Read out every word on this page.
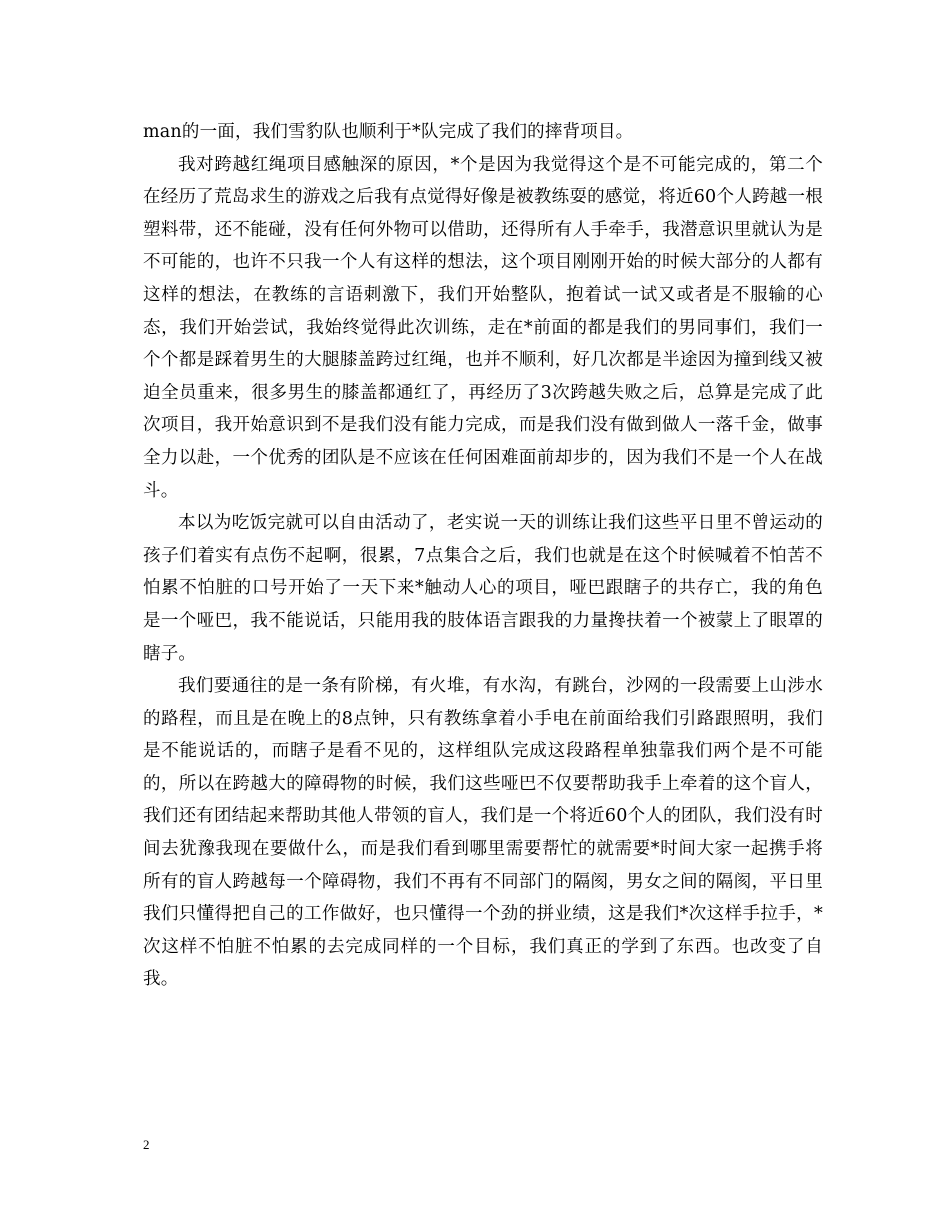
man的一面，我们雪豹队也顺利于*队完成了我们的摔背项目。

我对跨越红绳项目感触深的原因，*个是因为我觉得这个是不可能完成的，第二个在经历了荒岛求生的游戏之后我有点觉得好像是被教练耍的感觉，将近60个人跨越一根塑料带，还不能碰，没有任何外物可以借助，还得所有人手牵手，我潜意识里就认为是不可能的，也许不只我一个人有这样的想法，这个项目刚刚开始的时候大部分的人都有这样的想法，在教练的言语刺激下，我们开始整队，抱着试一试又或者是不服输的心态，我们开始尝试，我始终觉得此次训练，走在*前面的都是我们的男同事们，我们一个个都是踩着男生的大腿膝盖跨过红绳，也并不顺利，好几次都是半途因为撞到线又被迫全员重来，很多男生的膝盖都通红了，再经历了3次跨越失败之后，总算是完成了此次项目，我开始意识到不是我们没有能力完成，而是我们没有做到做人一落千金，做事全力以赴，一个优秀的团队是不应该在任何困难面前却步的，因为我们不是一个人在战斗。

本以为吃饭完就可以自由活动了，老实说一天的训练让我们这些平日里不曾运动的孩子们着实有点伤不起啊，很累，7点集合之后，我们也就是在这个时候喊着不怕苦不怕累不怕脏的口号开始了一天下来*触动人心的项目，哑巴跟瞎子的共存亡，我的角色是一个哑巴，我不能说话，只能用我的肢体语言跟我的力量搀扶着一个被蒙上了眼罩的瞎子。

我们要通往的是一条有阶梯，有火堆，有水沟，有跳台，沙网的一段需要上山涉水的路程，而且是在晚上的8点钟，只有教练拿着小手电在前面给我们引路跟照明，我们是不能说话的，而瞎子是看不见的，这样组队完成这段路程单独靠我们两个是不可能的，所以在跨越大的障碍物的时候，我们这些哑巴不仅要帮助我手上牵着的这个盲人，我们还有团结起来帮助其他人带领的盲人，我们是一个将近60个人的团队，我们没有时间去犹豫我现在要做什么，而是我们看到哪里需要帮忙的就需要*时间大家一起携手将所有的盲人跨越每一个障碍物，我们不再有不同部门的隔阂，男女之间的隔阂，平日里我们只懂得把自己的工作做好，也只懂得一个劲的拼业绩，这是我们*次这样手拉手，*次这样不怕脏不怕累的去完成同样的一个目标，我们真正的学到了东西。也改变了自我。

2
